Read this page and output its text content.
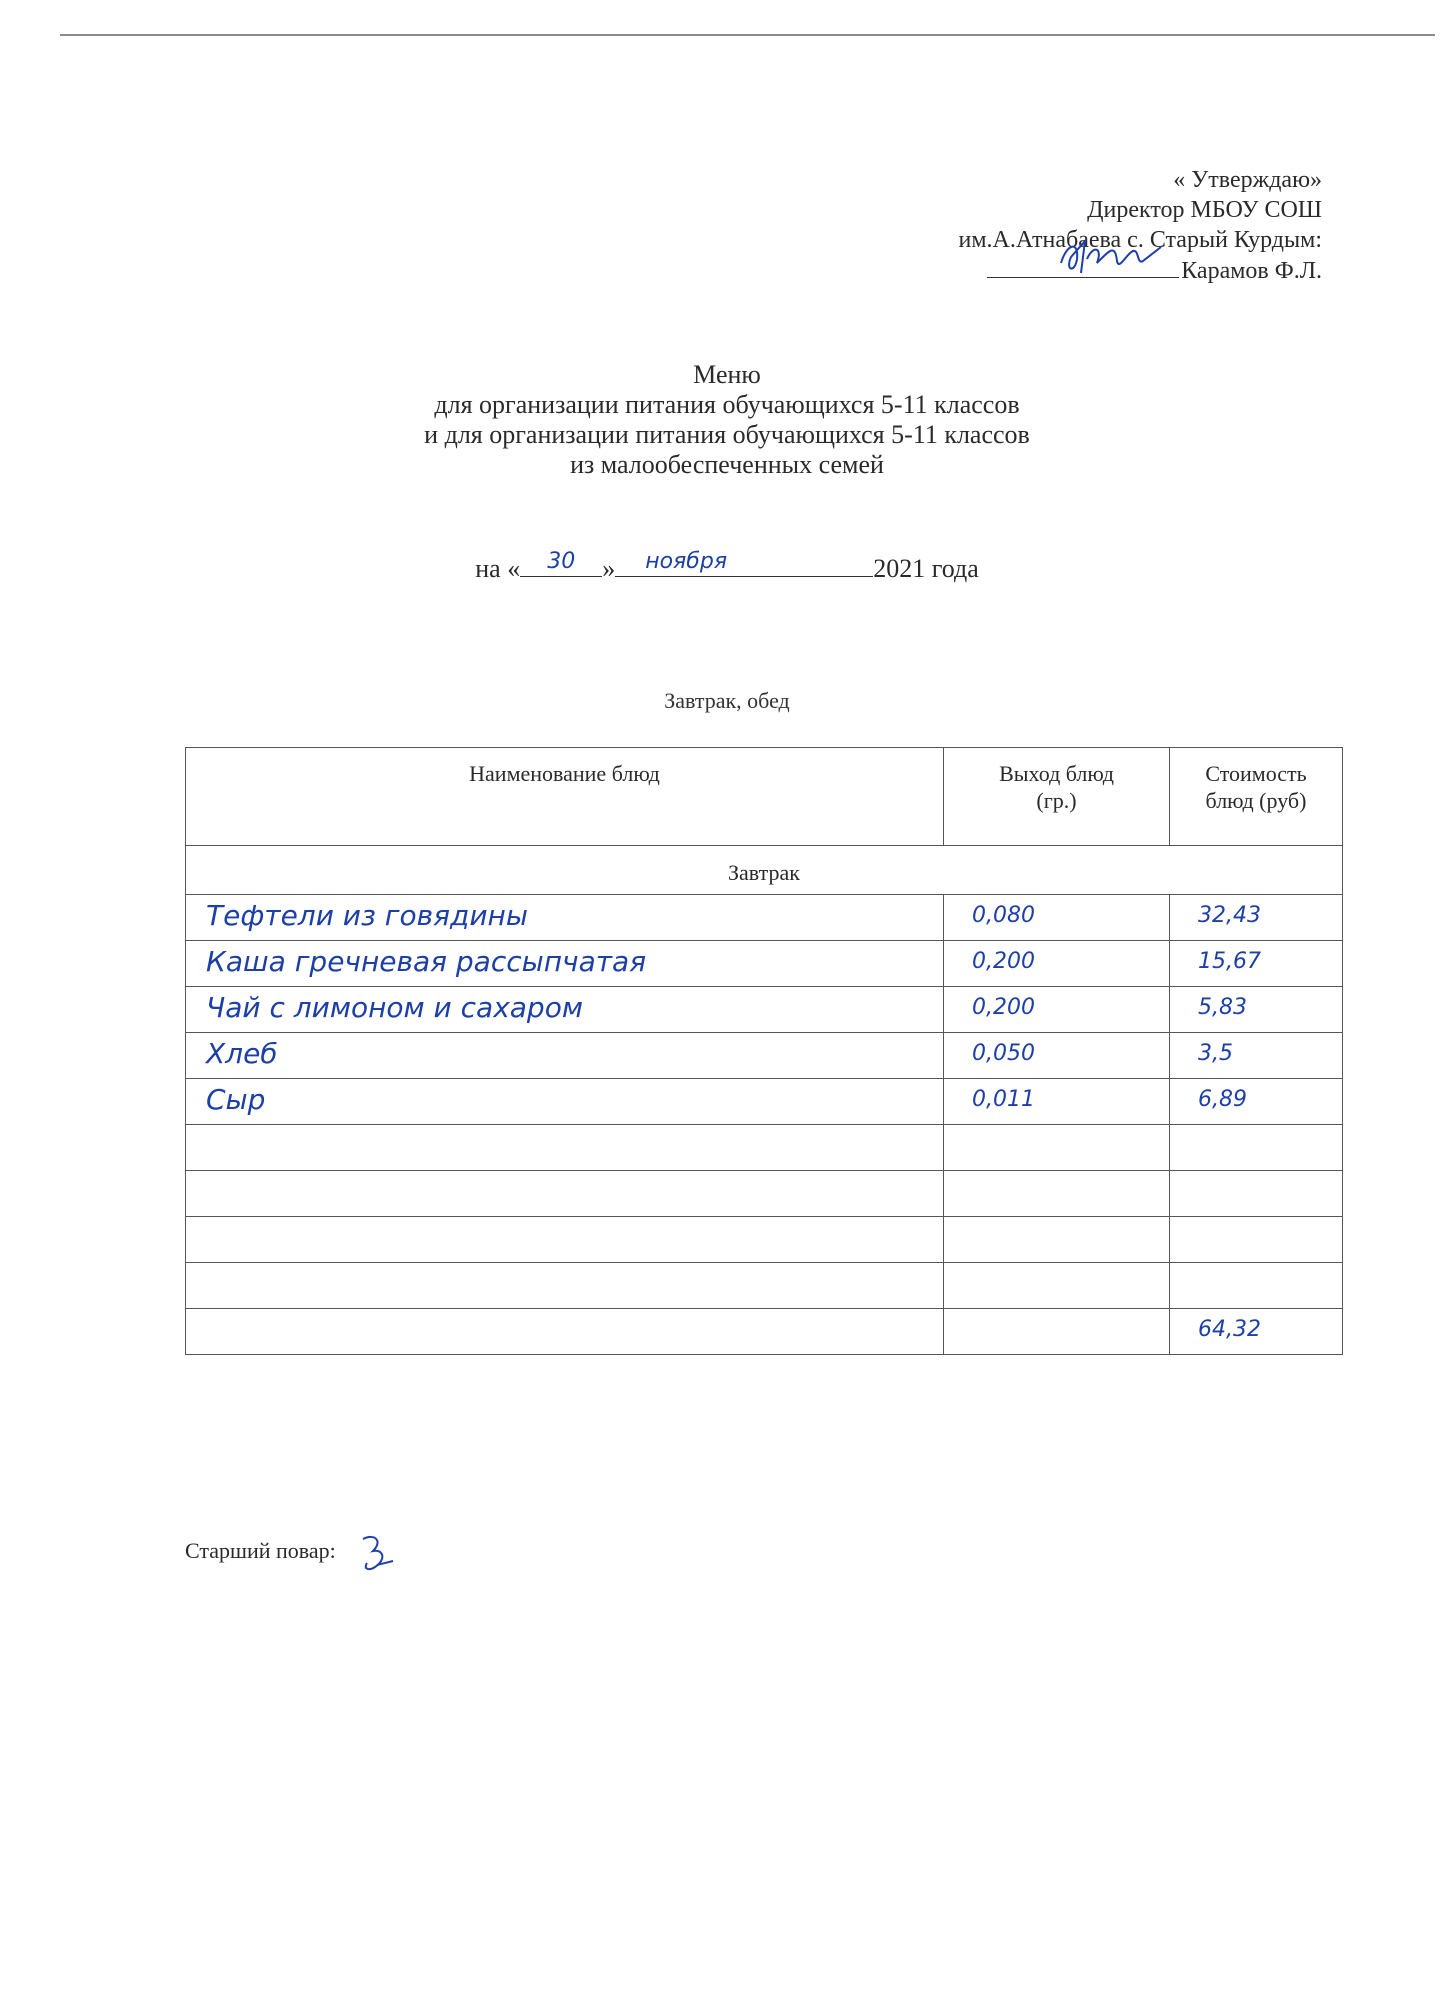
« Утверждаю»
Директор МБОУ СОШ
им.А.Атнабаева с. Старый Курдым:
Карамов Ф.Л.
Меню
для организации питания обучающихся 5-11 классов
и для организации питания обучающихся 5-11 классов
из малообеспеченных семей
на «	30	»	ноября	2021 года
Завтрак, обед
Наименование блюд	Выход блюд (гр.)	Стоимость блюд (руб)

Завтрак		

Тефтели из говядины	0,080	32,43

Каша гречневая рассыпчатая	0,200	15,67

Чай с лимоном и сахаром	0,200	5,83

Хлеб	0,050	3,5

Сыр	0,011	6,89

		64,32
Старший повар:
